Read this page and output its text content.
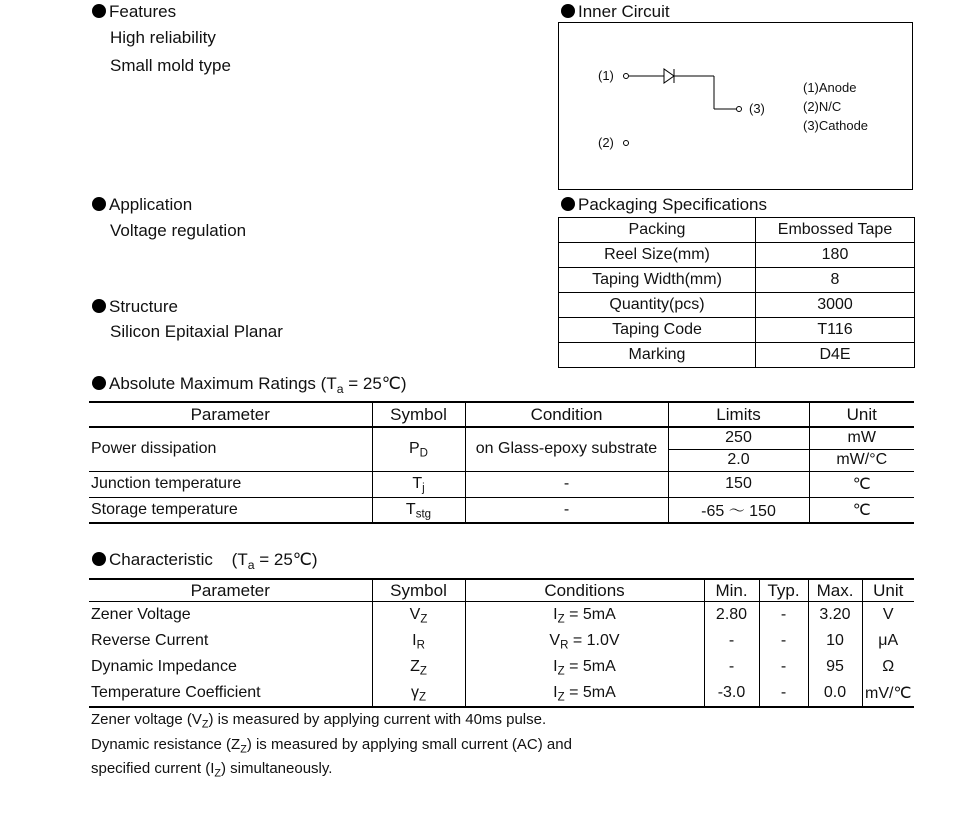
Features
High reliability
Small mold type
Inner Circuit
(1)
(3)
(2)
(1)Anode
(2)N/C
(3)Cathode
Application
Voltage regulation
Structure
Silicon Epitaxial Planar
Packaging Specifications
Packing	Embossed Tape
Reel Size(mm)	180
Taping Width(mm)	8
Quantity(pcs)	3000
Taping Code	T116
Marking	D4E
Absolute Maximum Ratings ($T_a$ = 25℃)
Parameter	Symbol	Condition	Limits	Unit
Power dissipation	$P_D$	on Glass-epoxy substrate	250	mW
			2.0	mW/°C
Junction temperature	$T_j$	-	150	℃
Storage temperature	$T_{stg}$	-	-65 ～ 150	℃
Characteristic ($T_a$ = 25℃)
Parameter	Symbol	Conditions	Min.	Typ.	Max.	Unit
Zener Voltage	$V_Z$	$I_Z = 5mA$	2.80	-	3.20	V
Reverse Current	$I_R$	$V_R = 1.0V$	-	-	10	μA
Dynamic Impedance	$Z_Z$	$I_Z = 5mA$	-	-	95	Ω
Temperature Coefficient	$\gamma_Z$	$I_Z = 5mA$	-3.0	-	0.0	mV/℃
Zener voltage $(V_Z)$ is measured by applying current with 40ms pulse.
Dynamic resistance $(Z_Z)$ is measured by applying small current (AC) and
specified current $(I_Z)$ simultaneously.
